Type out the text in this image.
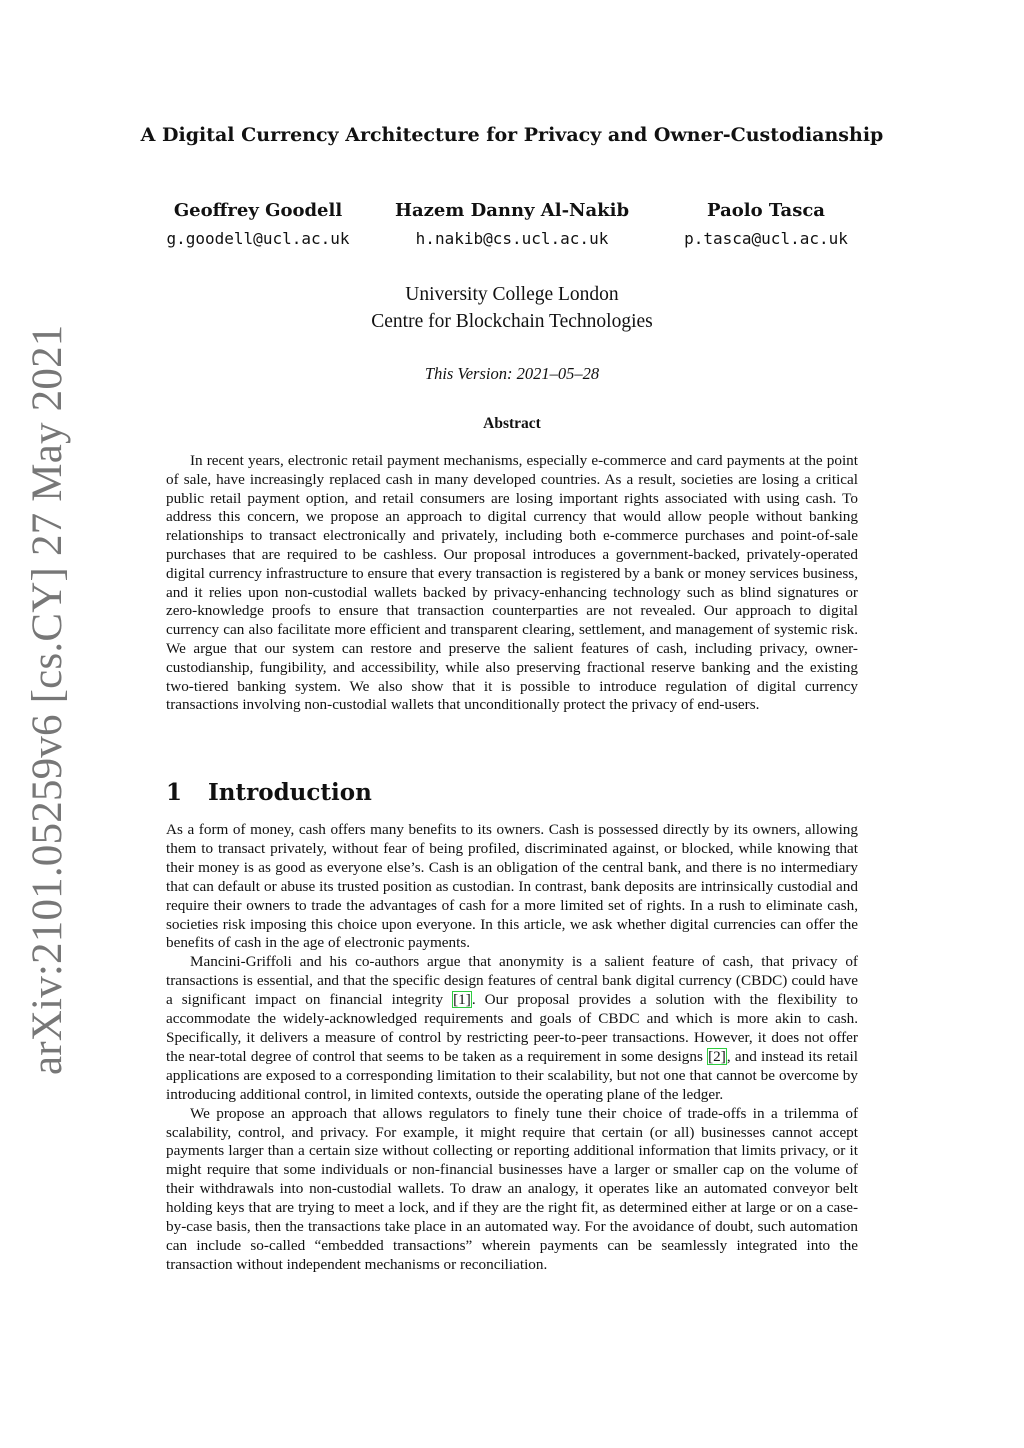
arXiv:2101.05259v6 [cs.CY] 27 May 2021
A Digital Currency Architecture for Privacy and Owner-Custodianship
Geoffrey Goodell
g.goodell@ucl.ac.uk
Hazem Danny Al-Nakib
h.nakib@cs.ucl.ac.uk
Paolo Tasca
p.tasca@ucl.ac.uk
University College London
Centre for Blockchain Technologies
This Version: 2021–05–28
Abstract

In recent years, electronic retail payment mechanisms, especially e-commerce and card payments at the point of sale, have increasingly replaced cash in many developed countries. As a result, societies are losing a critical public retail payment option, and retail consumers are losing important rights associated with using cash. To address this concern, we propose an approach to digital currency that would allow people without banking relationships to transact electronically and privately, including both e-commerce purchases and point-of-sale purchases that are required to be cashless. Our proposal introduces a government-backed, privately-operated digital currency infrastructure to ensure that every transaction is registered by a bank or money services business, and it relies upon non-custodial wallets backed by privacy-enhancing technology such as blind signatures or zero-knowledge proofs to ensure that transaction counterparties are not revealed. Our approach to digital currency can also facilitate more efficient and transparent clearing, settlement, and management of systemic risk. We argue that our system can restore and preserve the salient features of cash, including privacy, owner-custodianship, fungibility, and accessibility, while also preserving fractional reserve banking and the existing two-tiered banking system. We also show that it is possible to introduce regulation of digital currency transactions involving non-custodial wallets that unconditionally protect the privacy of end-users.

1 Introduction

As a form of money, cash offers many benefits to its owners. Cash is possessed directly by its owners, allowing them to transact privately, without fear of being profiled, discriminated against, or blocked, while knowing that their money is as good as everyone else’s. Cash is an obligation of the central bank, and there is no intermediary that can default or abuse its trusted position as custodian. In contrast, bank deposits are intrinsically custodial and require their owners to trade the advantages of cash for a more limited set of rights. In a rush to eliminate cash, societies risk imposing this choice upon everyone. In this article, we ask whether digital currencies can offer the benefits of cash in the age of electronic payments.

Mancini-Griffoli and his co-authors argue that anonymity is a salient feature of cash, that privacy of transactions is essential, and that the specific design features of central bank digital currency (CBDC) could have a significant impact on financial integrity [1]. Our proposal provides a solution with the flexibility to accommodate the widely-acknowledged requirements and goals of CBDC and which is more akin to cash. Specifically, it delivers a measure of control by restricting peer-to-peer transactions. However, it does not offer the near-total degree of control that seems to be taken as a requirement in some designs [2], and instead its retail applications are exposed to a corresponding limitation to their scalability, but not one that cannot be overcome by introducing additional control, in limited contexts, outside the operating plane of the ledger.

We propose an approach that allows regulators to finely tune their choice of trade-offs in a trilemma of scalability, control, and privacy. For example, it might require that certain (or all) businesses cannot accept payments larger than a certain size without collecting or reporting additional information that limits privacy, or it might require that some individuals or non-financial businesses have a larger or smaller cap on the volume of their withdrawals into non-custodial wallets. To draw an analogy, it operates like an automated conveyor belt holding keys that are trying to meet a lock, and if they are the right fit, as determined either at large or on a case-by-case basis, then the transactions take place in an automated way. For the avoidance of doubt, such automation can include so-called “embedded transactions” wherein payments can be seamlessly integrated into the transaction without independent mechanisms or reconciliation.
